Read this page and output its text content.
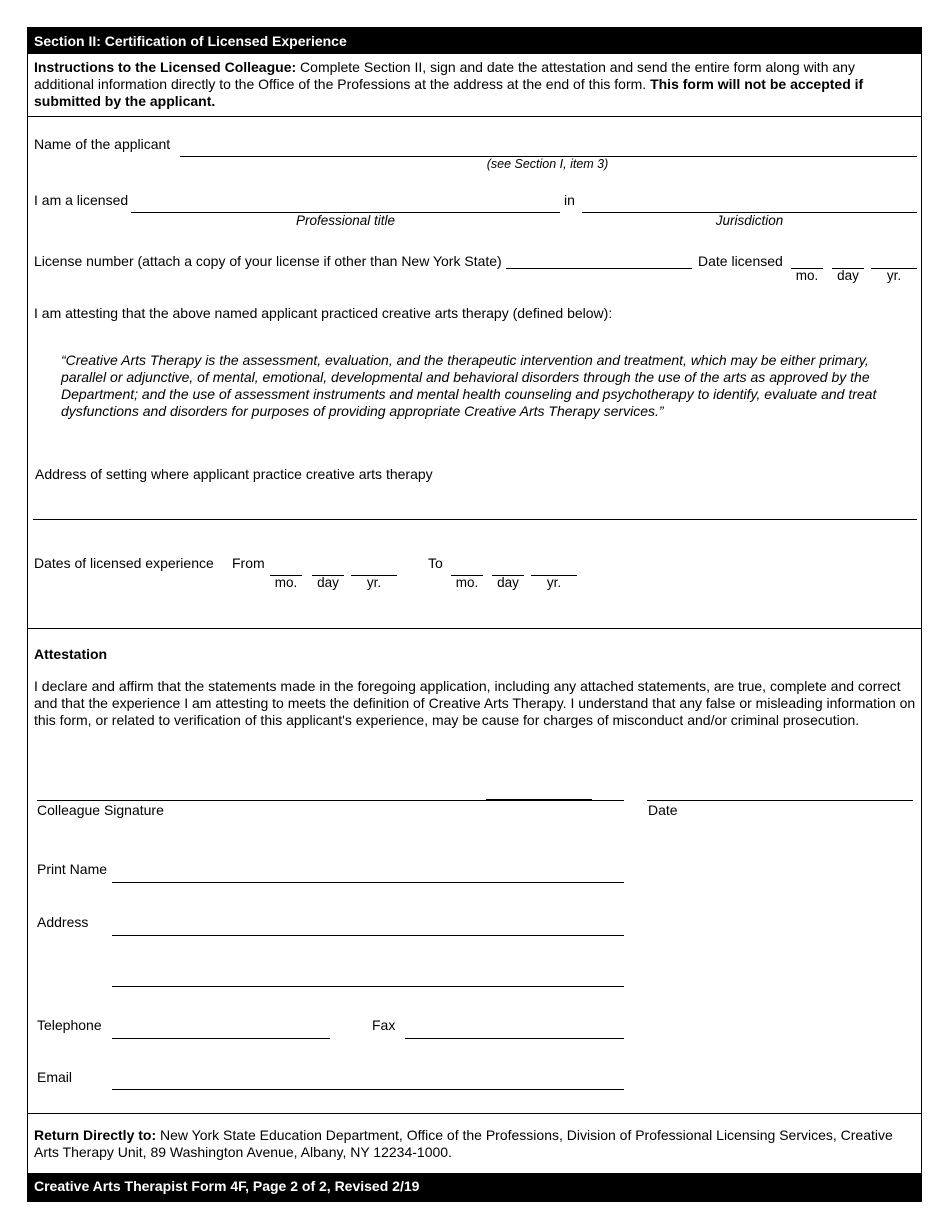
Section II: Certification of Licensed Experience
Instructions to the Licensed Colleague: Complete Section II, sign and date the attestation and send the entire form along with any additional information directly to the Office of the Professions at the address at the end of this form. This form will not be accepted if submitted by the applicant.
Name of the applicant
(see Section I, item 3)
I am a licensed	in
Professional title	Jurisdiction
License number (attach a copy of your license if other than New York State)	Date licensed
mo.	day	yr.
I am attesting that the above named applicant practiced creative arts therapy (defined below):
“Creative Arts Therapy is the assessment, evaluation, and the therapeutic intervention and treatment, which may be either primary, parallel or adjunctive, of mental, emotional, developmental and behavioral disorders through the use of the arts as approved by the Department; and the use of assessment instruments and mental health counseling and psychotherapy to identify, evaluate and treat dysfunctions and disorders for purposes of providing appropriate Creative Arts Therapy services.”
Address of setting where applicant practice creative arts therapy
Dates of licensed experience From
mo.	day	yr.
To
mo.	day	yr.
Attestation
I declare and affirm that the statements made in the foregoing application, including any attached statements, are true, complete and correct and that the experience I am attesting to meets the definition of Creative Arts Therapy. I understand that any false or misleading information on this form, or related to verification of this applicant's experience, may be cause for charges of misconduct and/or criminal prosecution.
Colleague Signature	Date
Print Name
Address
Telephone	Fax
Email
Return Directly to: New York State Education Department, Office of the Professions, Division of Professional Licensing Services, Creative Arts Therapy Unit, 89 Washington Avenue, Albany, NY 12234-1000.
Creative Arts Therapist Form 4F, Page 2 of 2, Revised 2/19
